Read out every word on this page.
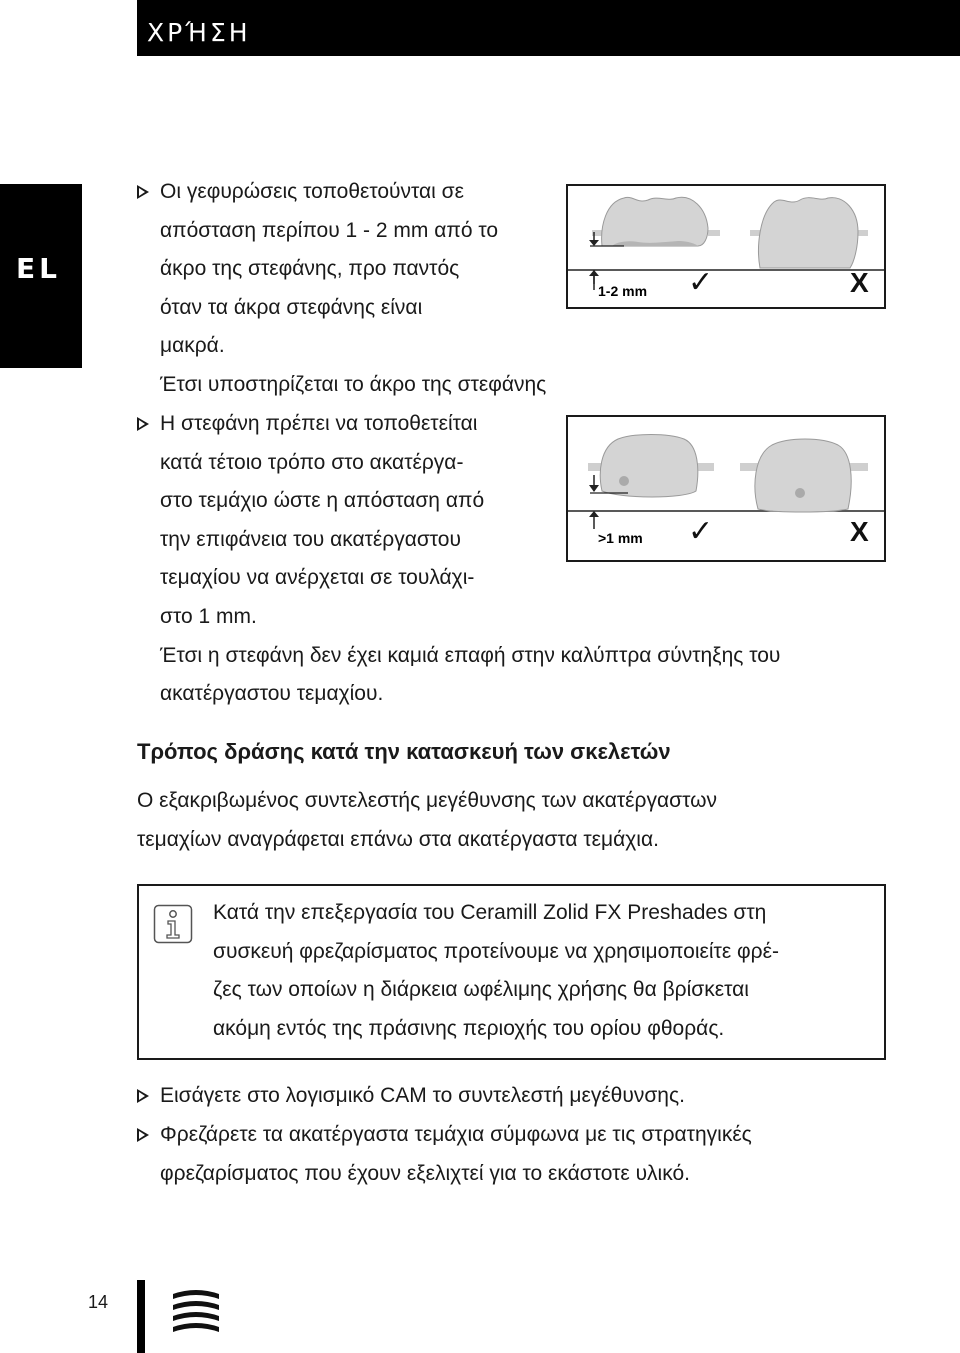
ΧΡΉΣΗ
EL
Οι γεφυρώσεις τοποθετούνται σε
απόσταση περίπου 1 - 2 mm από το
άκρο της στεφάνης, προ παντός
όταν τα άκρα στεφάνης είναι
μακρά.
Έτσι υποστηρίζεται το άκρο της στεφάνης
Η στεφάνη πρέπει να τοποθετείται
κατά τέτοιο τρόπο στο ακατέργα-
στο τεμάχιο ώστε η απόσταση από
την επιφάνεια του ακατέργαστου
τεμαχίου να ανέρχεται σε τουλάχι-
στο 1 mm.
Έτσι η στεφάνη δεν έχει καμιά επαφή στην καλύπτρα σύντηξης του
ακατέργαστου τεμαχίου.
1-2 mm ✓	X
>1 mm ✓	X
Τρόπος δράσης κατά την κατασκευή των σκελετών
Ο εξακριβωμένος συντελεστής μεγέθυνσης των ακατέργαστων
τεμαχίων αναγράφεται επάνω στα ακατέργαστα τεμάχια.
Κατά την επεξεργασία του Ceramill Zolid FX Preshades στη
συσκευή φρεζαρίσματος προτείνουμε να χρησιμοποιείτε φρέ-
ζες των οποίων η διάρκεια ωφέλιμης χρήσης θα βρίσκεται
ακόμη εντός της πράσινης περιοχής του ορίου φθοράς.
Εισάγετε στο λογισμικό CAM το συντελεστή μεγέθυνσης.
Φρεζάρετε τα ακατέργαστα τεμάχια σύμφωνα με τις στρατηγικές
φρεζαρίσματος που έχουν εξελιχτεί για το εκάστοτε υλικό.
14
